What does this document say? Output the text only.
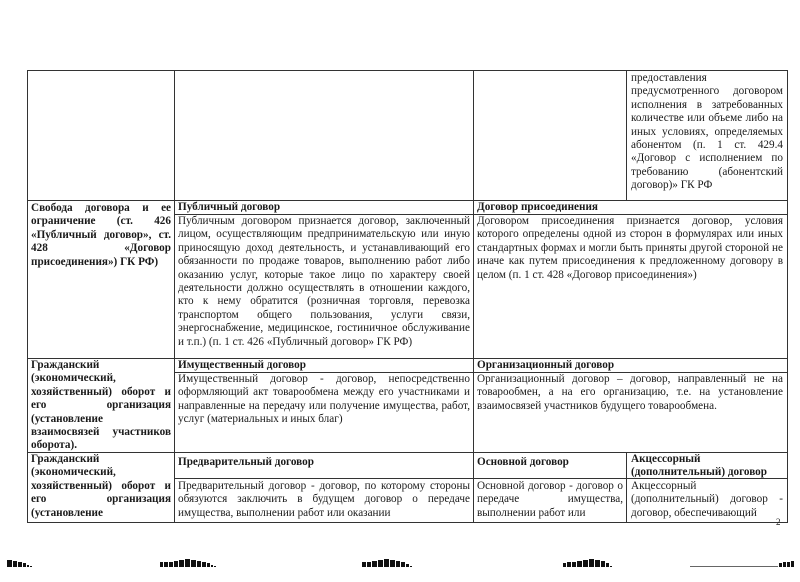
предоставления предусмотренного договором исполнения в затребованных количестве или объеме либо на иных условиях, определяемых абонентом (п. 1 ст. 429.4 «Договор с исполнением по требованию (абонентский договор)» ГК РФ
Свобода договора и ее ограничение (ст. 426 «Публичный договор», ст. 428 «Договор присоединения») ГК РФ)
Публичный договор
Публичным договором признается договор, заключенный лицом, осуществляющим предпринимательскую или иную приносящую доход деятельность, и устанавливающий его обязанности по продаже товаров, выполнению работ либо оказанию услуг, которые такое лицо по характеру своей деятельности должно осуществлять в отношении каждого, кто к нему обратится (розничная торговля, перевозка транспортом общего пользования, услуги связи, энергоснабжение, медицинское, гостиничное обслуживание и т.п.) (п. 1 ст. 426 «Публичный договор» ГК РФ)
Договор присоединения
Договором присоединения признается договор, условия которого определены одной из сторон в формулярах или иных стандартных формах и могли быть приняты другой стороной не иначе как путем присоединения к предложенному договору в целом (п. 1 ст. 428 «Договор присоединения»)
Гражданский (экономический, хозяйственный) оборот и его организация (установление взаимосвязей участников оборота).
Имущественный договор
Имущественный договор - договор, непосредственно оформляющий акт товарообмена между его участниками и направленные на передачу или получение имущества, работ, услуг (материальных и иных благ)
Организационный договор
Организационный договор – договор, направленный не на товарообмен, а на его организацию, т.е. на установление взаимосвязей участников будущего товарообмена.
Гражданский (экономический, хозяйственный) оборот и его организация (установление
Предварительный договор
Предварительный договор - договор, по которому стороны обязуются заключить в будущем договор о передаче имущества, выполнении работ или оказании
Основной договор
Основной договор - договор о передаче имущества, выполнении работ или
Акцессорный (дополнительный) договор
Акцессорный (дополнительный) договор - договор, обеспечивающий
2
